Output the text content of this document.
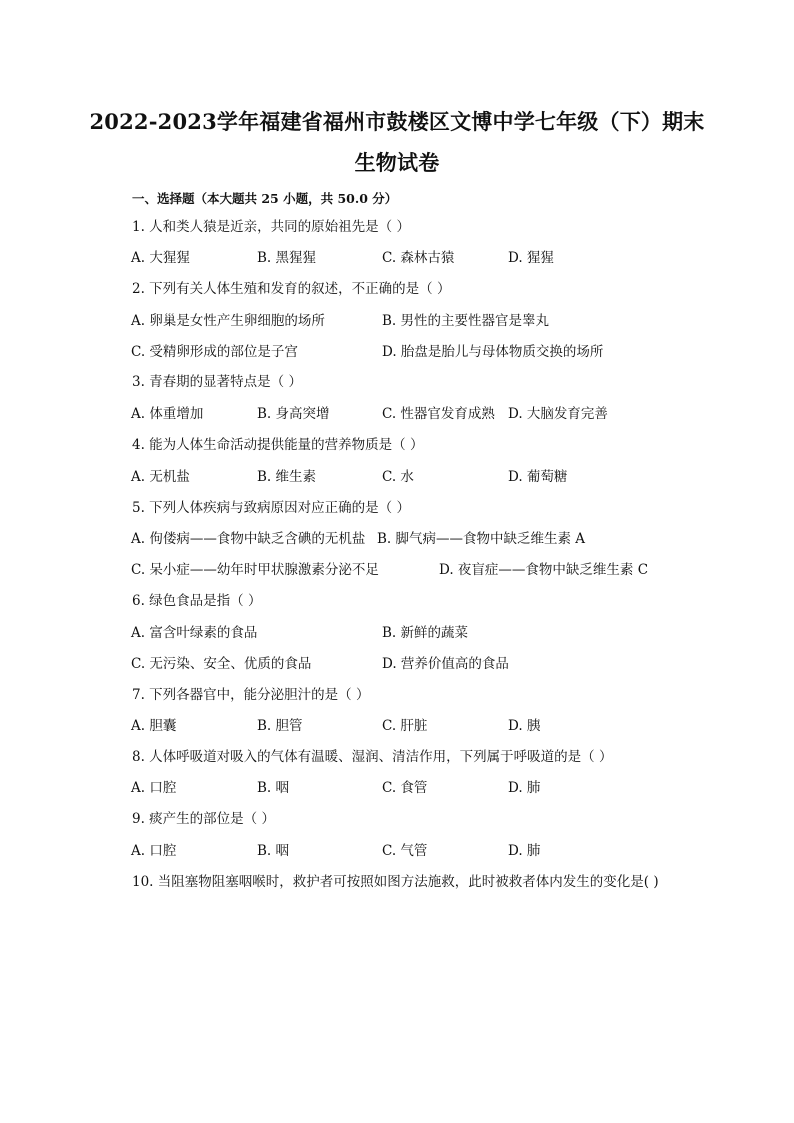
2022-2023学年福建省福州市鼓楼区文博中学七年级（下）期末
生物试卷
一、选择题（本大题共 25 小题，共 50.0 分）
1. 人和类人猿是近亲，共同的原始祖先是（ ）
A. 大猩猩	B. 黑猩猩	C. 森林古猿	D. 猩猩
2. 下列有关人体生殖和发育的叙述，不正确的是（ ）
A. 卵巢是女性产生卵细胞的场所	B. 男性的主要性器官是睾丸
C. 受精卵形成的部位是子宫	D. 胎盘是胎儿与母体物质交换的场所
3. 青春期的显著特点是（ ）
A. 体重增加	B. 身高突增	C. 性器官发育成熟 D. 大脑发育完善
4. 能为人体生命活动提供能量的营养物质是（ ）
A. 无机盐	B. 维生素	C. 水	D. 葡萄糖
5. 下列人体疾病与致病原因对应正确的是（ ）
A. 佝偻病——食物中缺乏含碘的无机盐 B. 脚气病——食物中缺乏维生素 A
C. 呆小症——幼年时甲状腺激素分泌不足	D. 夜盲症——食物中缺乏维生素 C
6. 绿色食品是指（ ）
A. 富含叶绿素的食品	B. 新鲜的蔬菜
C. 无污染、安全、优质的食品	D. 营养价值高的食品
7. 下列各器官中，能分泌胆汁的是（ ）
A. 胆囊	B. 胆管	C. 肝脏	D. 胰
8. 人体呼吸道对吸入的气体有温暖、湿润、清洁作用，下列属于呼吸道的是（ ）
A. 口腔	B. 咽	C. 食管	D. 肺
9. 痰产生的部位是（ ）
A. 口腔	B. 咽	C. 气管	D. 肺
10. 当阻塞物阻塞咽喉时，救护者可按照如图方法施救，此时被救者体内发生的变化是( )
